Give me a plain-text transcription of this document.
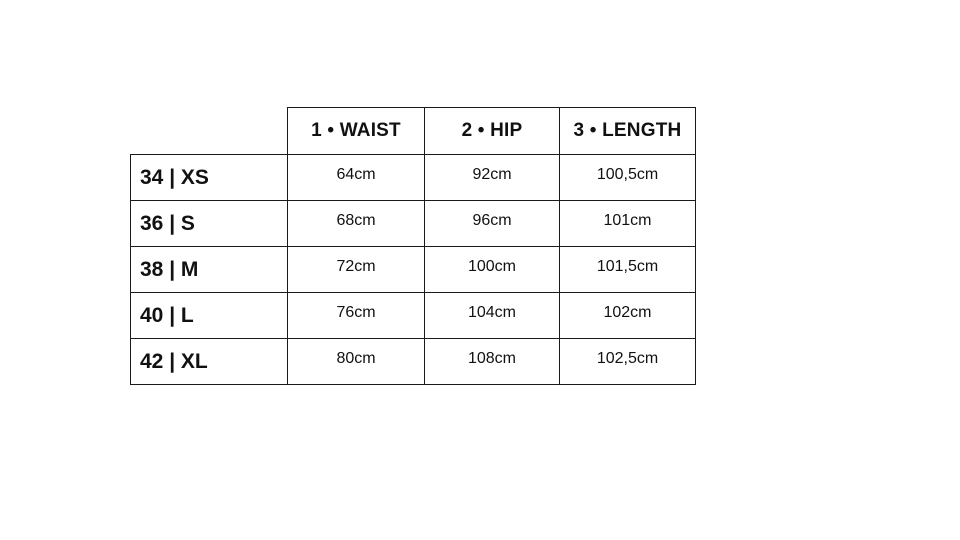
	1 • WAIST	2 • HIP	3 • LENGTH
34 | XS	64cm	92cm	100,5cm
36 | S	68cm	96cm	101cm
38 | M	72cm	100cm	101,5cm
40 | L	76cm	104cm	102cm
42 | XL	80cm	108cm	102,5cm
